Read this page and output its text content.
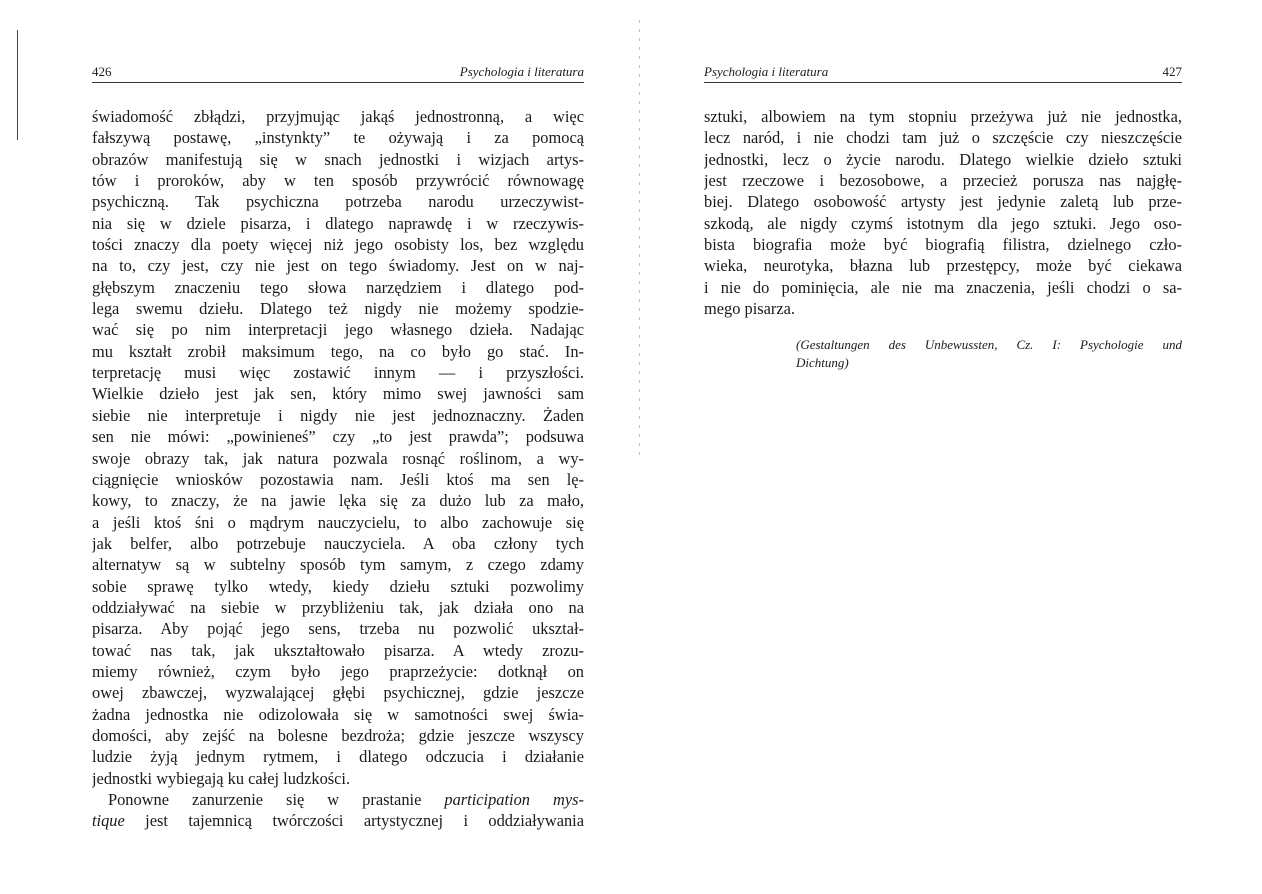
426	Psychologia i literatura
świadomość zbłądzi, przyjmując jakąś jednostronną, a więc
fałszywą postawę, „instynkty” te ożywają i za pomocą
obrazów manifestują się w snach jednostki i wizjach artys-
tów i proroków, aby w ten sposób przywrócić równowagę
psychiczną. Tak psychiczna potrzeba narodu urzeczywist-
nia się w dziele pisarza, i dlatego naprawdę i w rzeczywis-
tości znaczy dla poety więcej niż jego osobisty los, bez względu
na to, czy jest, czy nie jest on tego świadomy. Jest on w naj-
głębszym znaczeniu tego słowa narzędziem i dlatego pod-
lega swemu dziełu. Dlatego też nigdy nie możemy spodzie-
wać się po nim interpretacji jego własnego dzieła. Nadając
mu kształt zrobił maksimum tego, na co było go stać. In-
terpretację musi więc zostawić innym — i przyszłości.
Wielkie dzieło jest jak sen, który mimo swej jawności sam
siebie nie interpretuje i nigdy nie jest jednoznaczny. Żaden
sen nie mówi: „powinieneś” czy „to jest prawda”; podsuwa
swoje obrazy tak, jak natura pozwala rosnąć roślinom, a wy-
ciągnięcie wniosków pozostawia nam. Jeśli ktoś ma sen lę-
kowy, to znaczy, że na jawie lęka się za dużo lub za mało,
a jeśli ktoś śni o mądrym nauczycielu, to albo zachowuje się
jak belfer, albo potrzebuje nauczyciela. A oba człony tych
alternatyw są w subtelny sposób tym samym, z czego zdamy
sobie sprawę tylko wtedy, kiedy dziełu sztuki pozwolimy
oddziaływać na siebie w przybliżeniu tak, jak działa ono na
pisarza. Aby pojąć jego sens, trzeba nu pozwolić ukształ-
tować nas tak, jak ukształtowało pisarza. A wtedy zrozu-
miemy również, czym było jego praprzeżycie: dotknął on
owej zbawczej, wyzwalającej głębi psychicznej, gdzie jeszcze
żadna jednostka nie odizolowała się w samotności swej świa-
domości, aby zejść na bolesne bezdroża; gdzie jeszcze wszyscy
ludzie żyją jednym rytmem, i dlatego odczucia i działanie
jednostki wybiegają ku całej ludzkości.
Ponowne zanurzenie się w prastanie participation mys-
tique jest tajemnicą twórczości artystycznej i oddziaływania
Psychologia i literatura	427
sztuki, albowiem na tym stopniu przeżywa już nie jednostka,
lecz naród, i nie chodzi tam już o szczęście czy nieszczęście
jednostki, lecz o życie narodu. Dlatego wielkie dzieło sztuki
jest rzeczowe i bezosobowe, a przecież porusza nas najgłę-
biej. Dlatego osobowość artysty jest jedynie zaletą lub prze-
szkodą, ale nigdy czymś istotnym dla jego sztuki. Jego oso-
bista biografia może być biografią filistra, dzielnego czło-
wieka, neurotyka, błazna lub przestępcy, może być ciekawa
i nie do pominięcia, ale nie ma znaczenia, jeśli chodzi o sa-
mego pisarza.
(Gestaltungen des Unbewussten, Cz. I: Psychologie und
Dichtung)
